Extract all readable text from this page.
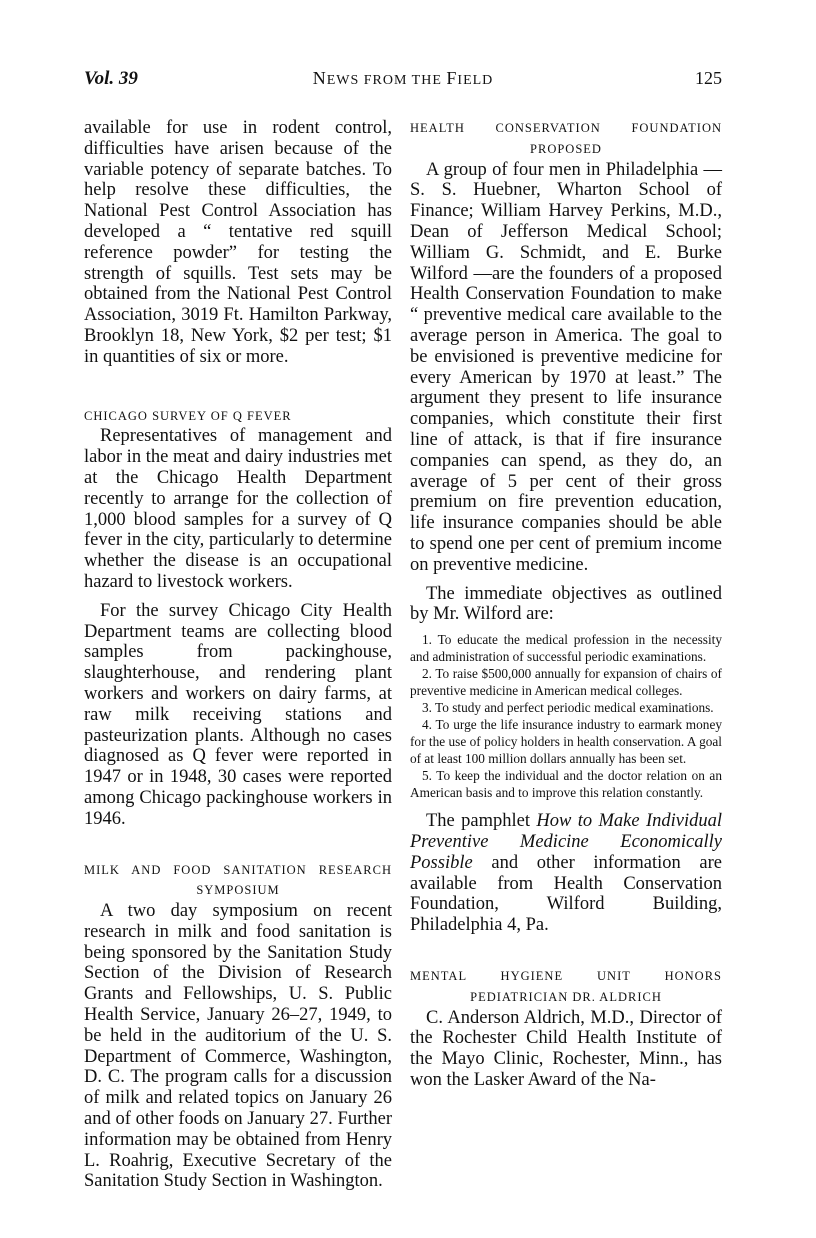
Vol. 39	NEWS FROM THE FIELD	125

available for use in rodent control, difficulties have arisen because of the variable potency of separate batches. To help resolve these difficulties, the National Pest Control Association has developed a “ tentative red squill reference powder” for testing the strength of squills. Test sets may be obtained from the National Pest Control Association, 3019 Ft. Hamilton Parkway, Brooklyn 18, New York, $2 per test; $1 in quantities of six or more.

CHICAGO SURVEY OF Q FEVER

Representatives of management and labor in the meat and dairy industries met at the Chicago Health Department recently to arrange for the collection of 1,000 blood samples for a survey of Q fever in the city, particularly to determine whether the disease is an occupational hazard to livestock workers.

For the survey Chicago City Health Department teams are collecting blood samples from packinghouse, slaughterhouse, and rendering plant workers and workers on dairy farms, at raw milk receiving stations and pasteurization plants. Although no cases diagnosed as Q fever were reported in 1947 or in 1948, 30 cases were reported among Chicago packinghouse workers in 1946.

MILK AND FOOD SANITATION RESEARCH SYMPOSIUM

A two day symposium on recent research in milk and food sanitation is being sponsored by the Sanitation Study Section of the Division of Research Grants and Fellowships, U. S. Public Health Service, January 26–27, 1949, to be held in the auditorium of the U. S. Department of Commerce, Washington, D. C. The program calls for a discussion of milk and related topics on January 26 and of other foods on January 27. Further information may be obtained from Henry L. Roahrig, Executive Secretary of the Sanitation Study Section in Washington.

HEALTH CONSERVATION FOUNDATION PROPOSED

A group of four men in Philadelphia —S. S. Huebner, Wharton School of Finance; William Harvey Perkins, M.D., Dean of Jefferson Medical School; William G. Schmidt, and E. Burke Wilford —are the founders of a proposed Health Conservation Foundation to make “ preventive medical care available to the average person in America. The goal to be envisioned is preventive medicine for every American by 1970 at least.” The argument they present to life insurance companies, which constitute their first line of attack, is that if fire insurance companies can spend, as they do, an average of 5 per cent of their gross premium on fire prevention education, life insurance companies should be able to spend one per cent of premium income on preventive medicine.

The immediate objectives as outlined by Mr. Wilford are:

1. To educate the medical profession in the necessity and administration of successful periodic examinations.
2. To raise $500,000 annually for expansion of chairs of preventive medicine in American medical colleges.
3. To study and perfect periodic medical examinations.
4. To urge the life insurance industry to earmark money for the use of policy holders in health conservation. A goal of at least 100 million dollars annually has been set.
5. To keep the individual and the doctor relation on an American basis and to improve this relation constantly.

The pamphlet How to Make Individual Preventive Medicine Economically Possible and other information are available from Health Conservation Foundation, Wilford Building, Philadelphia 4, Pa.

MENTAL HYGIENE UNIT HONORS PEDIATRICIAN DR. ALDRICH

C. Anderson Aldrich, M.D., Director of the Rochester Child Health Institute of the Mayo Clinic, Rochester, Minn., has won the Lasker Award of the Na-
